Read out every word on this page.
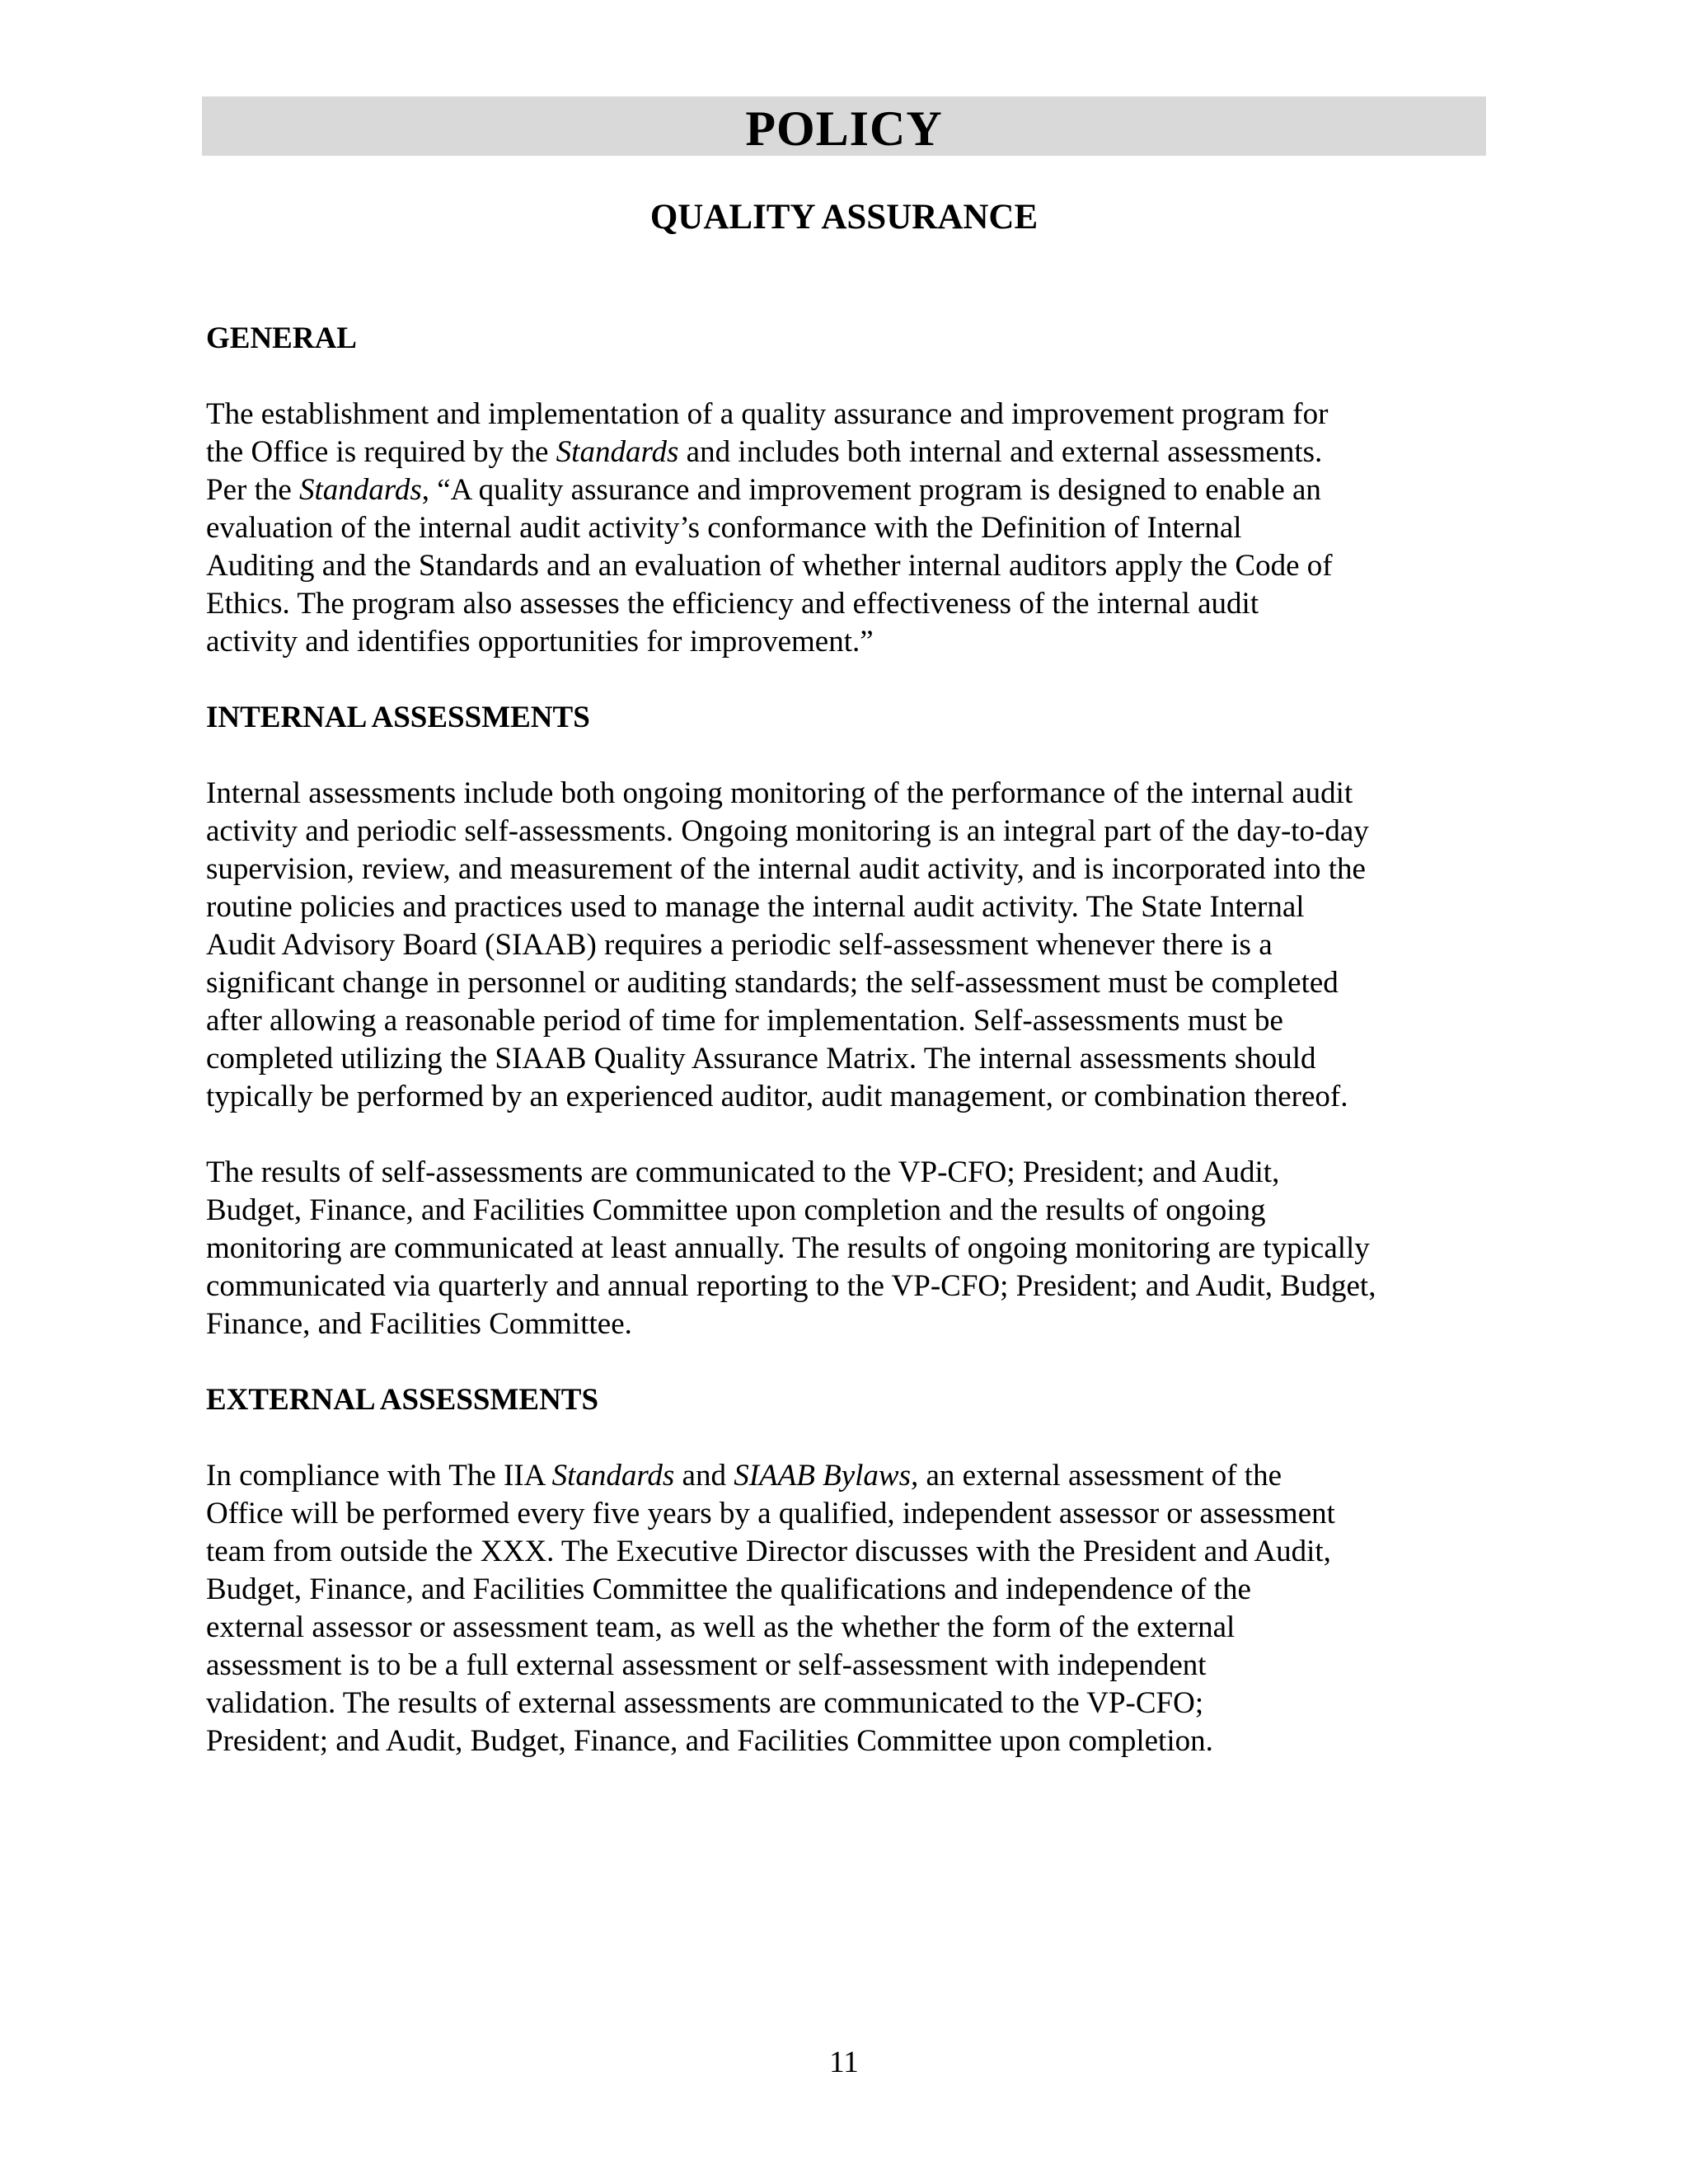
POLICY
QUALITY ASSURANCE
GENERAL

The establishment and implementation of a quality assurance and improvement program for
the Office is required by the Standards and includes both internal and external assessments.
Per the Standards, “A quality assurance and improvement program is designed to enable an
evaluation of the internal audit activity’s conformance with the Definition of Internal
Auditing and the Standards and an evaluation of whether internal auditors apply the Code of
Ethics. The program also assesses the efficiency and effectiveness of the internal audit
activity and identifies opportunities for improvement.”

INTERNAL ASSESSMENTS

Internal assessments include both ongoing monitoring of the performance of the internal audit
activity and periodic self-assessments. Ongoing monitoring is an integral part of the day-to-day
supervision, review, and measurement of the internal audit activity, and is incorporated into the
routine policies and practices used to manage the internal audit activity. The State Internal
Audit Advisory Board (SIAAB) requires a periodic self-assessment whenever there is a
significant change in personnel or auditing standards; the self-assessment must be completed
after allowing a reasonable period of time for implementation. Self-assessments must be
completed utilizing the SIAAB Quality Assurance Matrix. The internal assessments should
typically be performed by an experienced auditor, audit management, or combination thereof.

The results of self-assessments are communicated to the VP-CFO; President; and Audit,
Budget, Finance, and Facilities Committee upon completion and the results of ongoing
monitoring are communicated at least annually. The results of ongoing monitoring are typically
communicated via quarterly and annual reporting to the VP-CFO; President; and Audit, Budget,
Finance, and Facilities Committee.

EXTERNAL ASSESSMENTS

In compliance with The IIA Standards and SIAAB Bylaws, an external assessment of the
Office will be performed every five years by a qualified, independent assessor or assessment
team from outside the XXX. The Executive Director discusses with the President and Audit,
Budget, Finance, and Facilities Committee the qualifications and independence of the
external assessor or assessment team, as well as the whether the form of the external
assessment is to be a full external assessment or self-assessment with independent
validation. The results of external assessments are communicated to the VP-CFO;
President; and Audit, Budget, Finance, and Facilities Committee upon completion.

11
